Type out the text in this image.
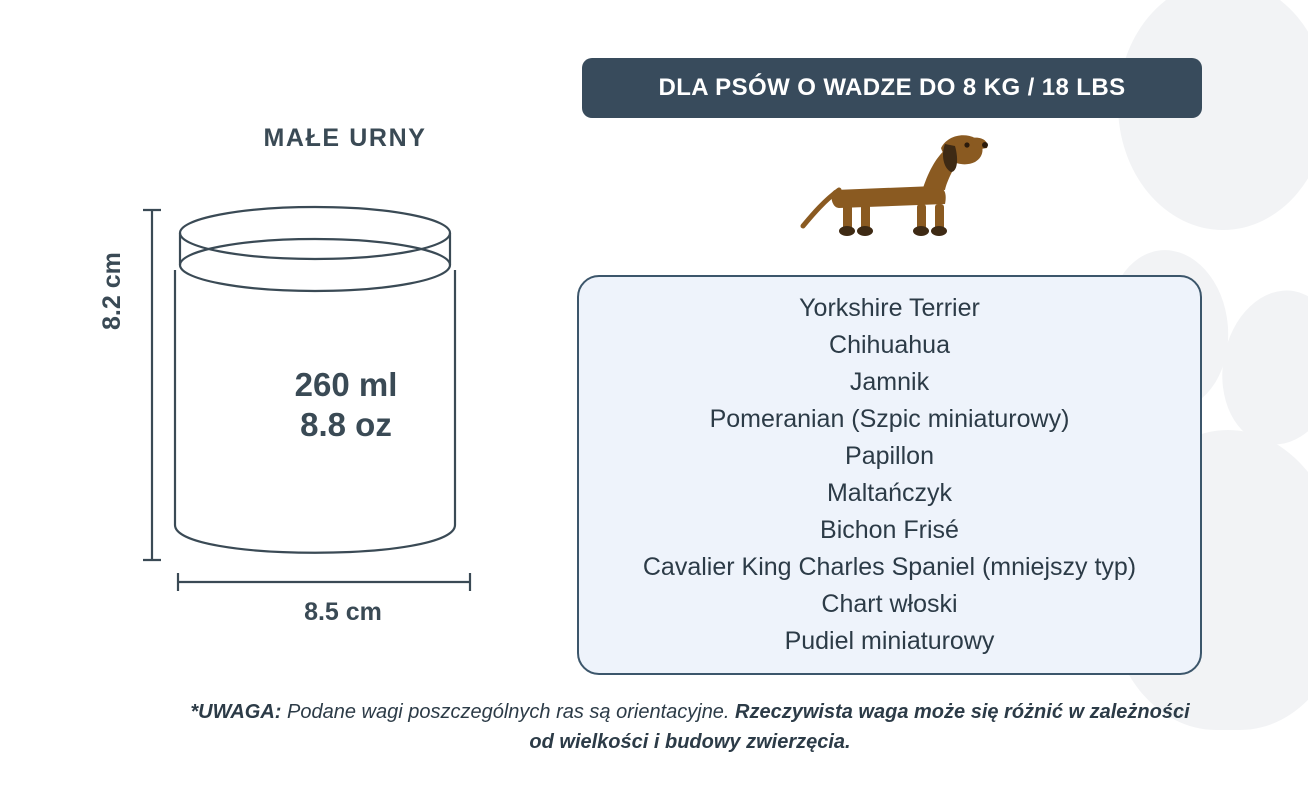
MAŁE URNY
8.2 cm
8.5 cm
260 ml
8.8 oz
DLA PSÓW O WADZE DO 8 KG / 18 LBS
Yorkshire Terrier
Chihuahua
Jamnik
Pomeranian (Szpic miniaturowy)
Papillon
Maltańczyk
Bichon Frisé
Cavalier King Charles Spaniel (mniejszy typ)
Chart włoski
Pudiel miniaturowy
*UWAGA: Podane wagi poszczególnych ras są orientacyjne. Rzeczywista waga może się różnić w zależności od wielkości i budowy zwierzęcia.
